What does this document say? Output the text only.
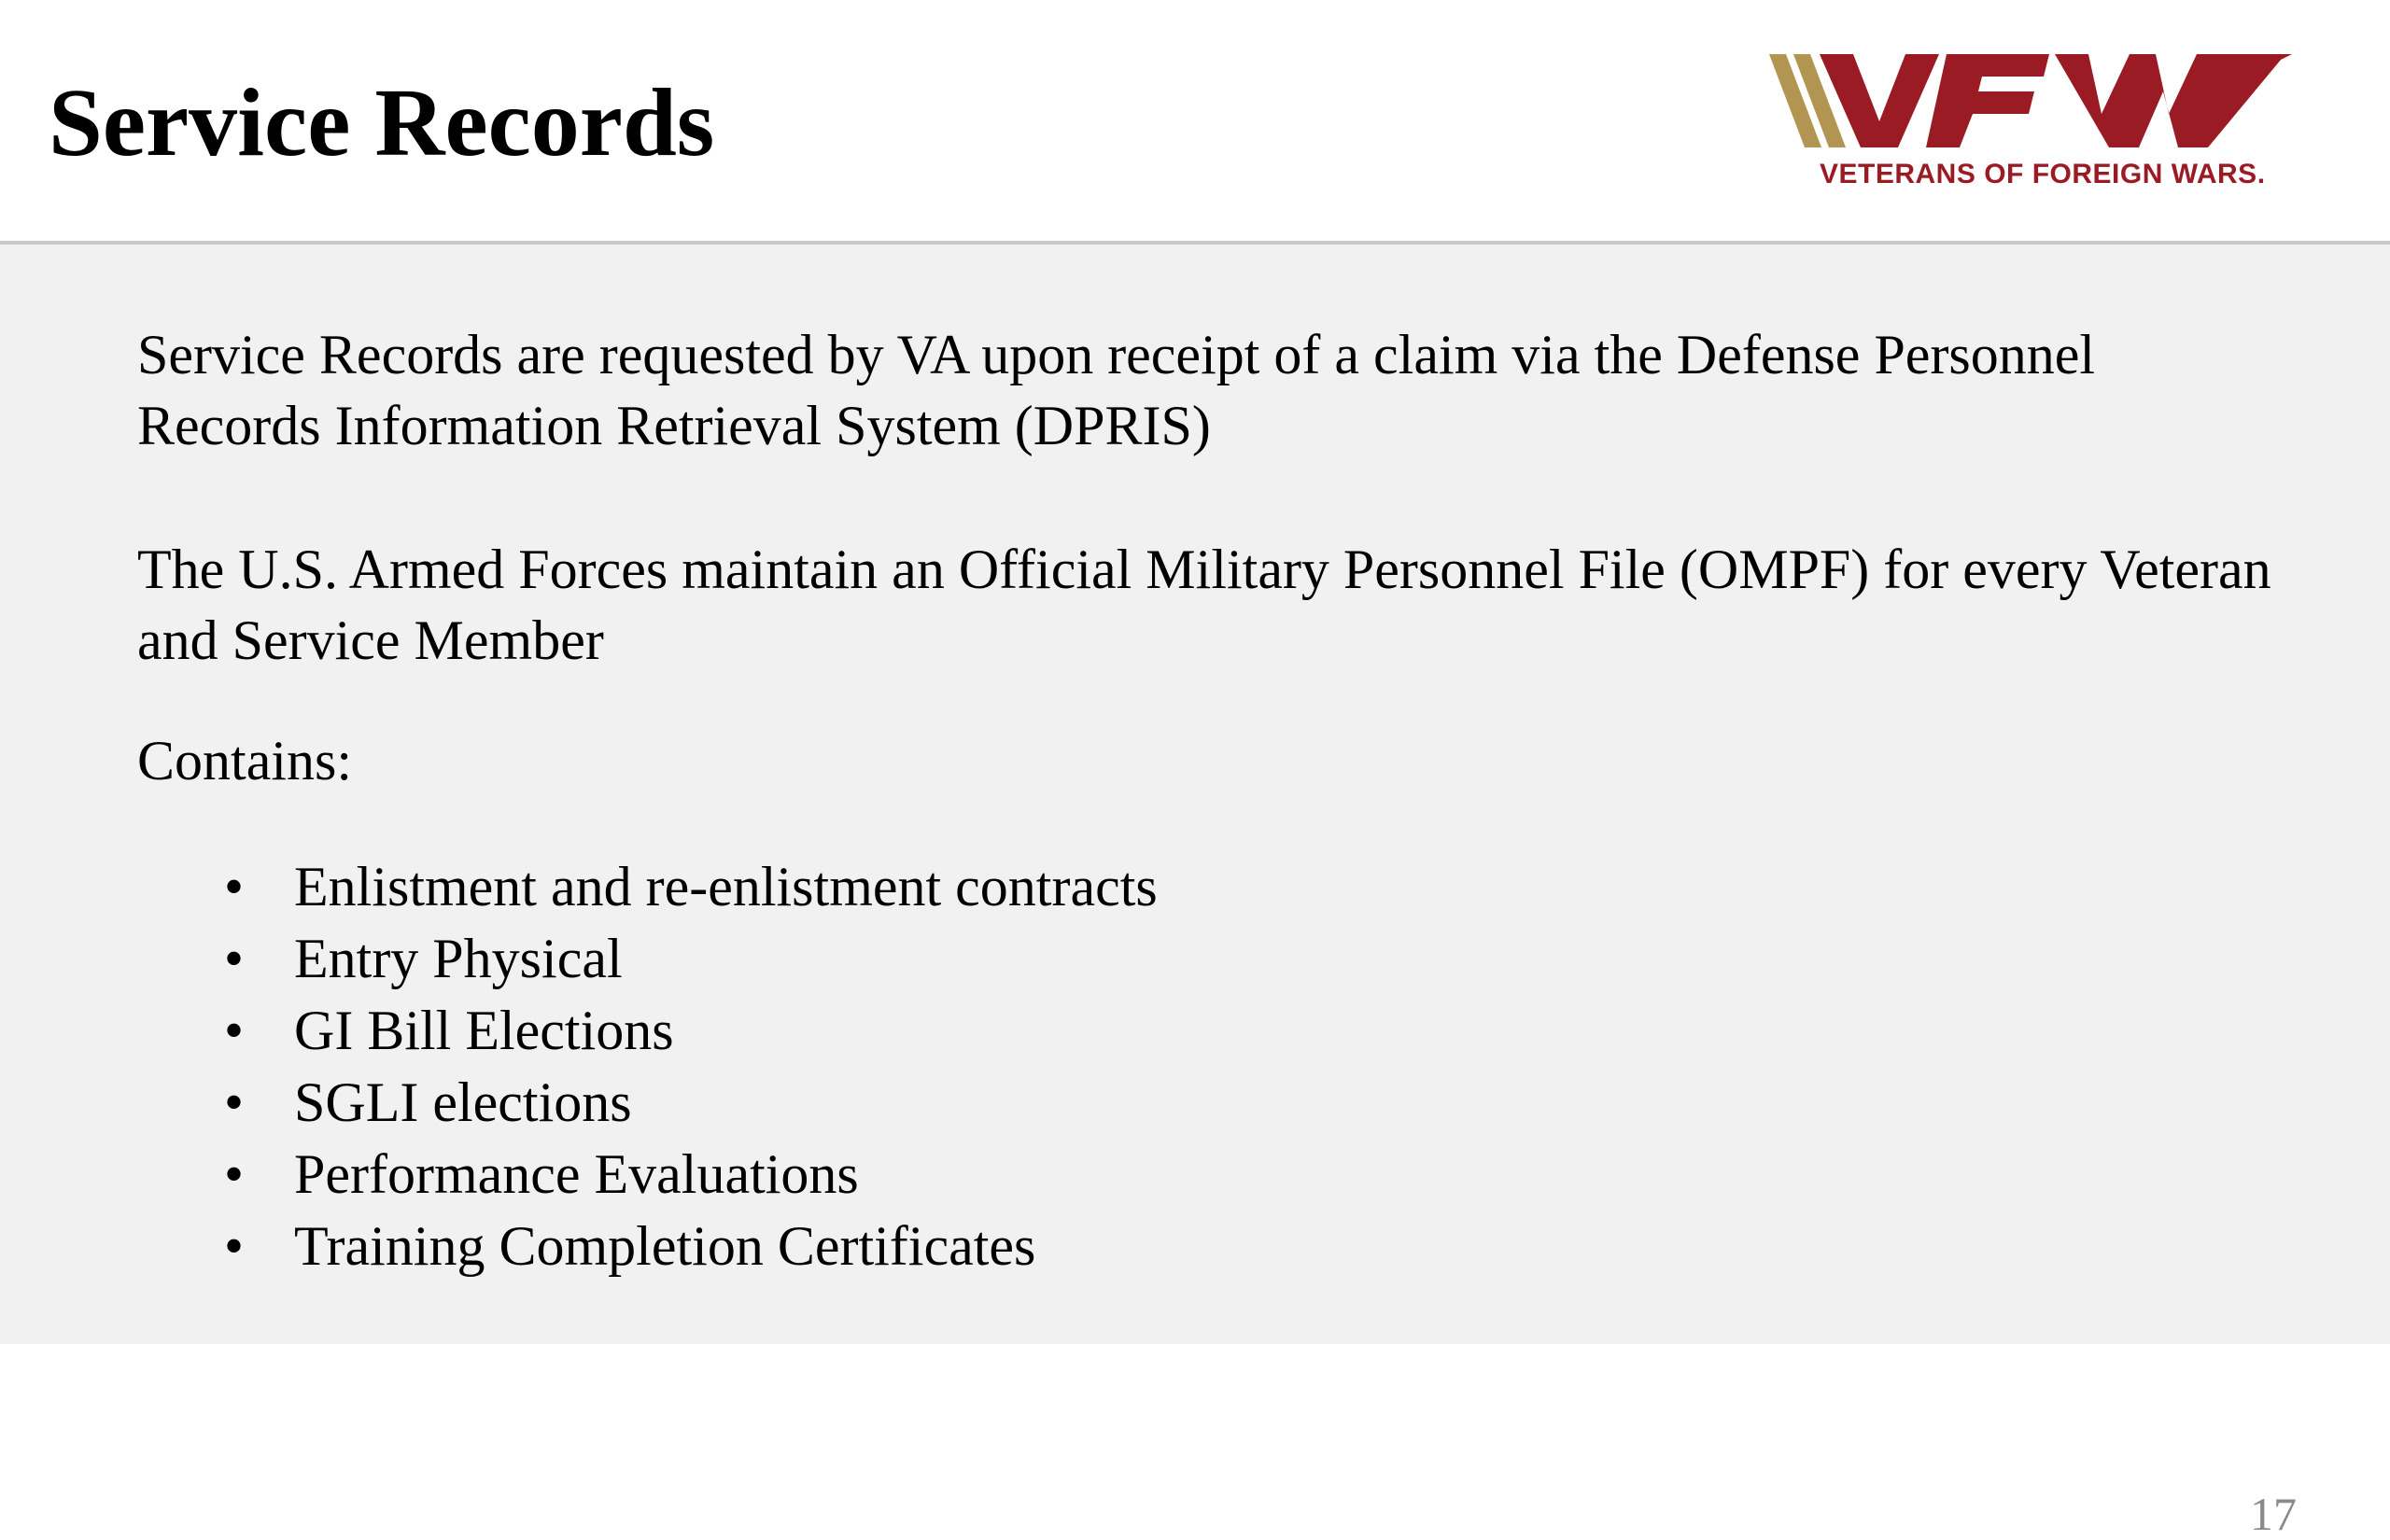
Service Records	VETERANS OF FOREIGN WARS.

Service Records are requested by VA upon receipt of a claim via the Defense Personnel Records Information Retrieval System (DPRIS)

The U.S. Armed Forces maintain an Official Military Personnel File (OMPF) for every Veteran and Service Member

Contains:

• Enlistment and re-enlistment contracts
• Entry Physical
• GI Bill Elections
• SGLI elections
• Performance Evaluations
• Training Completion Certificates
17
